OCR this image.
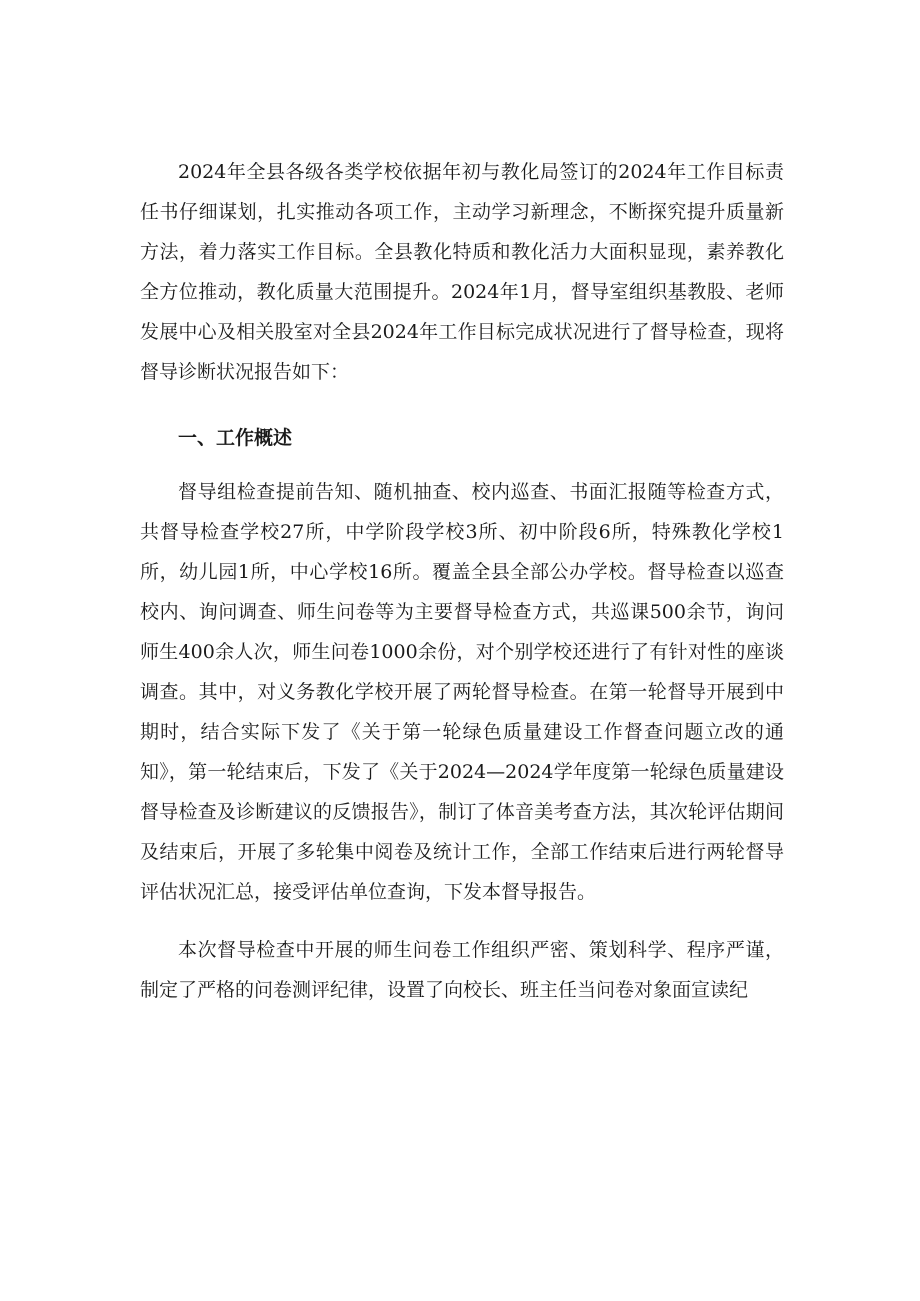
2024年全县各级各类学校依据年初与教化局签订的2024年工作目标责任书仔细谋划，扎实推动各项工作，主动学习新理念，不断探究提升质量新方法，着力落实工作目标。全县教化特质和教化活力大面积显现，素养教化全方位推动，教化质量大范围提升。2024年1月，督导室组织基教股、老师发展中心及相关股室对全县2024年工作目标完成状况进行了督导检查，现将督导诊断状况报告如下：

一、工作概述

督导组检查提前告知、随机抽查、校内巡查、书面汇报随等检查方式，共督导检查学校27所，中学阶段学校3所、初中阶段6所，特殊教化学校1所，幼儿园1所，中心学校16所。覆盖全县全部公办学校。督导检查以巡查校内、询问调查、师生问卷等为主要督导检查方式，共巡课500余节，询问师生400余人次，师生问卷1000余份，对个别学校还进行了有针对性的座谈调查。其中，对义务教化学校开展了两轮督导检查。在第一轮督导开展到中期时，结合实际下发了《关于第一轮绿色质量建设工作督查问题立改的通知》，第一轮结束后，下发了《关于2024—2024学年度第一轮绿色质量建设督导检查及诊断建议的反馈报告》，制订了体音美考查方法，其次轮评估期间及结束后，开展了多轮集中阅卷及统计工作，全部工作结束后进行两轮督导评估状况汇总，接受评估单位查询，下发本督导报告。

本次督导检查中开展的师生问卷工作组织严密、策划科学、程序严谨，制定了严格的问卷测评纪律，设置了向校长、班主任当问卷对象面宣读纪
